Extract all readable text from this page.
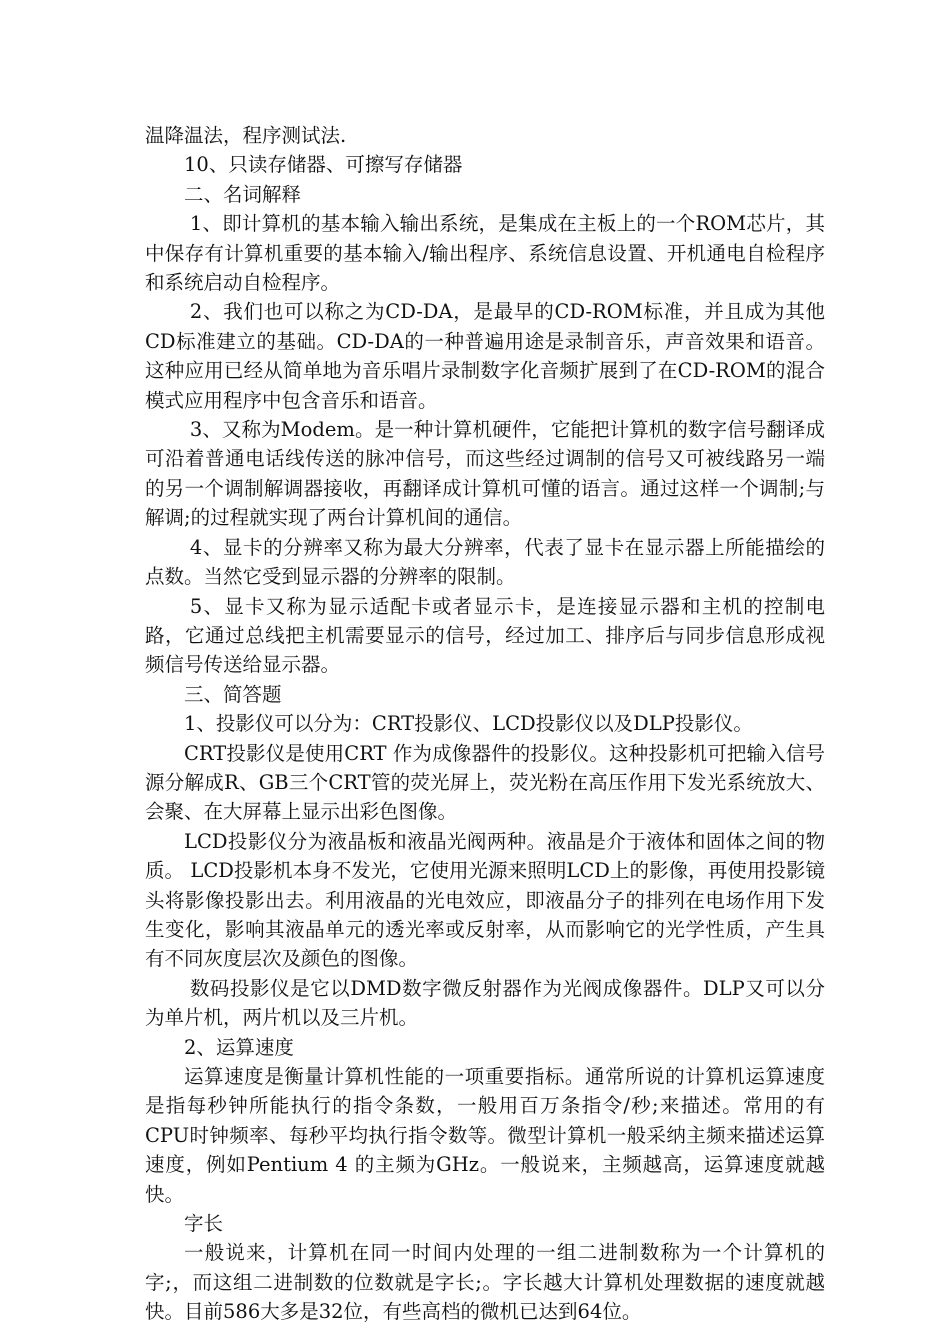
温降温法，程序测试法.

10、只读存储器、可擦写存储器

二、名词解释

1、即计算机的基本输入输出系统，是集成在主板上的一个ROM芯片，其中保存有计算机重要的基本输入/输出程序、系统信息设置、开机通电自检程序和系统启动自检程序。

2、我们也可以称之为CD-DA，是最早的CD-ROM标准，并且成为其他CD标准建立的基础。CD-DA的一种普遍用途是录制音乐，声音效果和语音。这种应用已经从简单地为音乐唱片录制数字化音频扩展到了在CD-ROM的混合模式应用程序中包含音乐和语音。

3、又称为Modem。是一种计算机硬件，它能把计算机的数字信号翻译成可沿着普通电话线传送的脉冲信号，而这些经过调制的信号又可被线路另一端的另一个调制解调器接收，再翻译成计算机可懂的语言。通过这样一个调制;与解调;的过程就实现了两台计算机间的通信。

4、显卡的分辨率又称为最大分辨率，代表了显卡在显示器上所能描绘的点数。当然它受到显示器的分辨率的限制。

5、显卡又称为显示适配卡或者显示卡，是连接显示器和主机的控制电路，它通过总线把主机需要显示的信号，经过加工、排序后与同步信息形成视频信号传送给显示器。

三、简答题

1、投影仪可以分为：CRT投影仪、LCD投影仪以及DLP投影仪。

CRT投影仪是使用CRT 作为成像器件的投影仪。这种投影机可把输入信号源分解成R、GB三个CRT管的荧光屏上，荧光粉在高压作用下发光系统放大、会聚、在大屏幕上显示出彩色图像。

LCD投影仪分为液晶板和液晶光阀两种。液晶是介于液体和固体之间的物质。 LCD投影机本身不发光，它使用光源来照明LCD上的影像，再使用投影镜头将影像投影出去。利用液晶的光电效应，即液晶分子的排列在电场作用下发生变化，影响其液晶单元的透光率或反射率，从而影响它的光学性质，产生具有不同灰度层次及颜色的图像。

数码投影仪是它以DMD数字微反射器作为光阀成像器件。DLP又可以分为单片机，两片机以及三片机。

2、运算速度

运算速度是衡量计算机性能的一项重要指标。通常所说的计算机运算速度是指每秒钟所能执行的指令条数，一般用百万条指令/秒;来描述。常用的有CPU时钟频率、每秒平均执行指令数等。微型计算机一般采纳主频来描述运算速度，例如Pentium 4 的主频为GHz。一般说来，主频越高，运算速度就越快。

字长

一般说来，计算机在同一时间内处理的一组二进制数称为一个计算机的字;，而这组二进制数的位数就是字长;。字长越大计算机处理数据的速度就越快。目前586大多是32位，有些高档的微机已达到64位。
